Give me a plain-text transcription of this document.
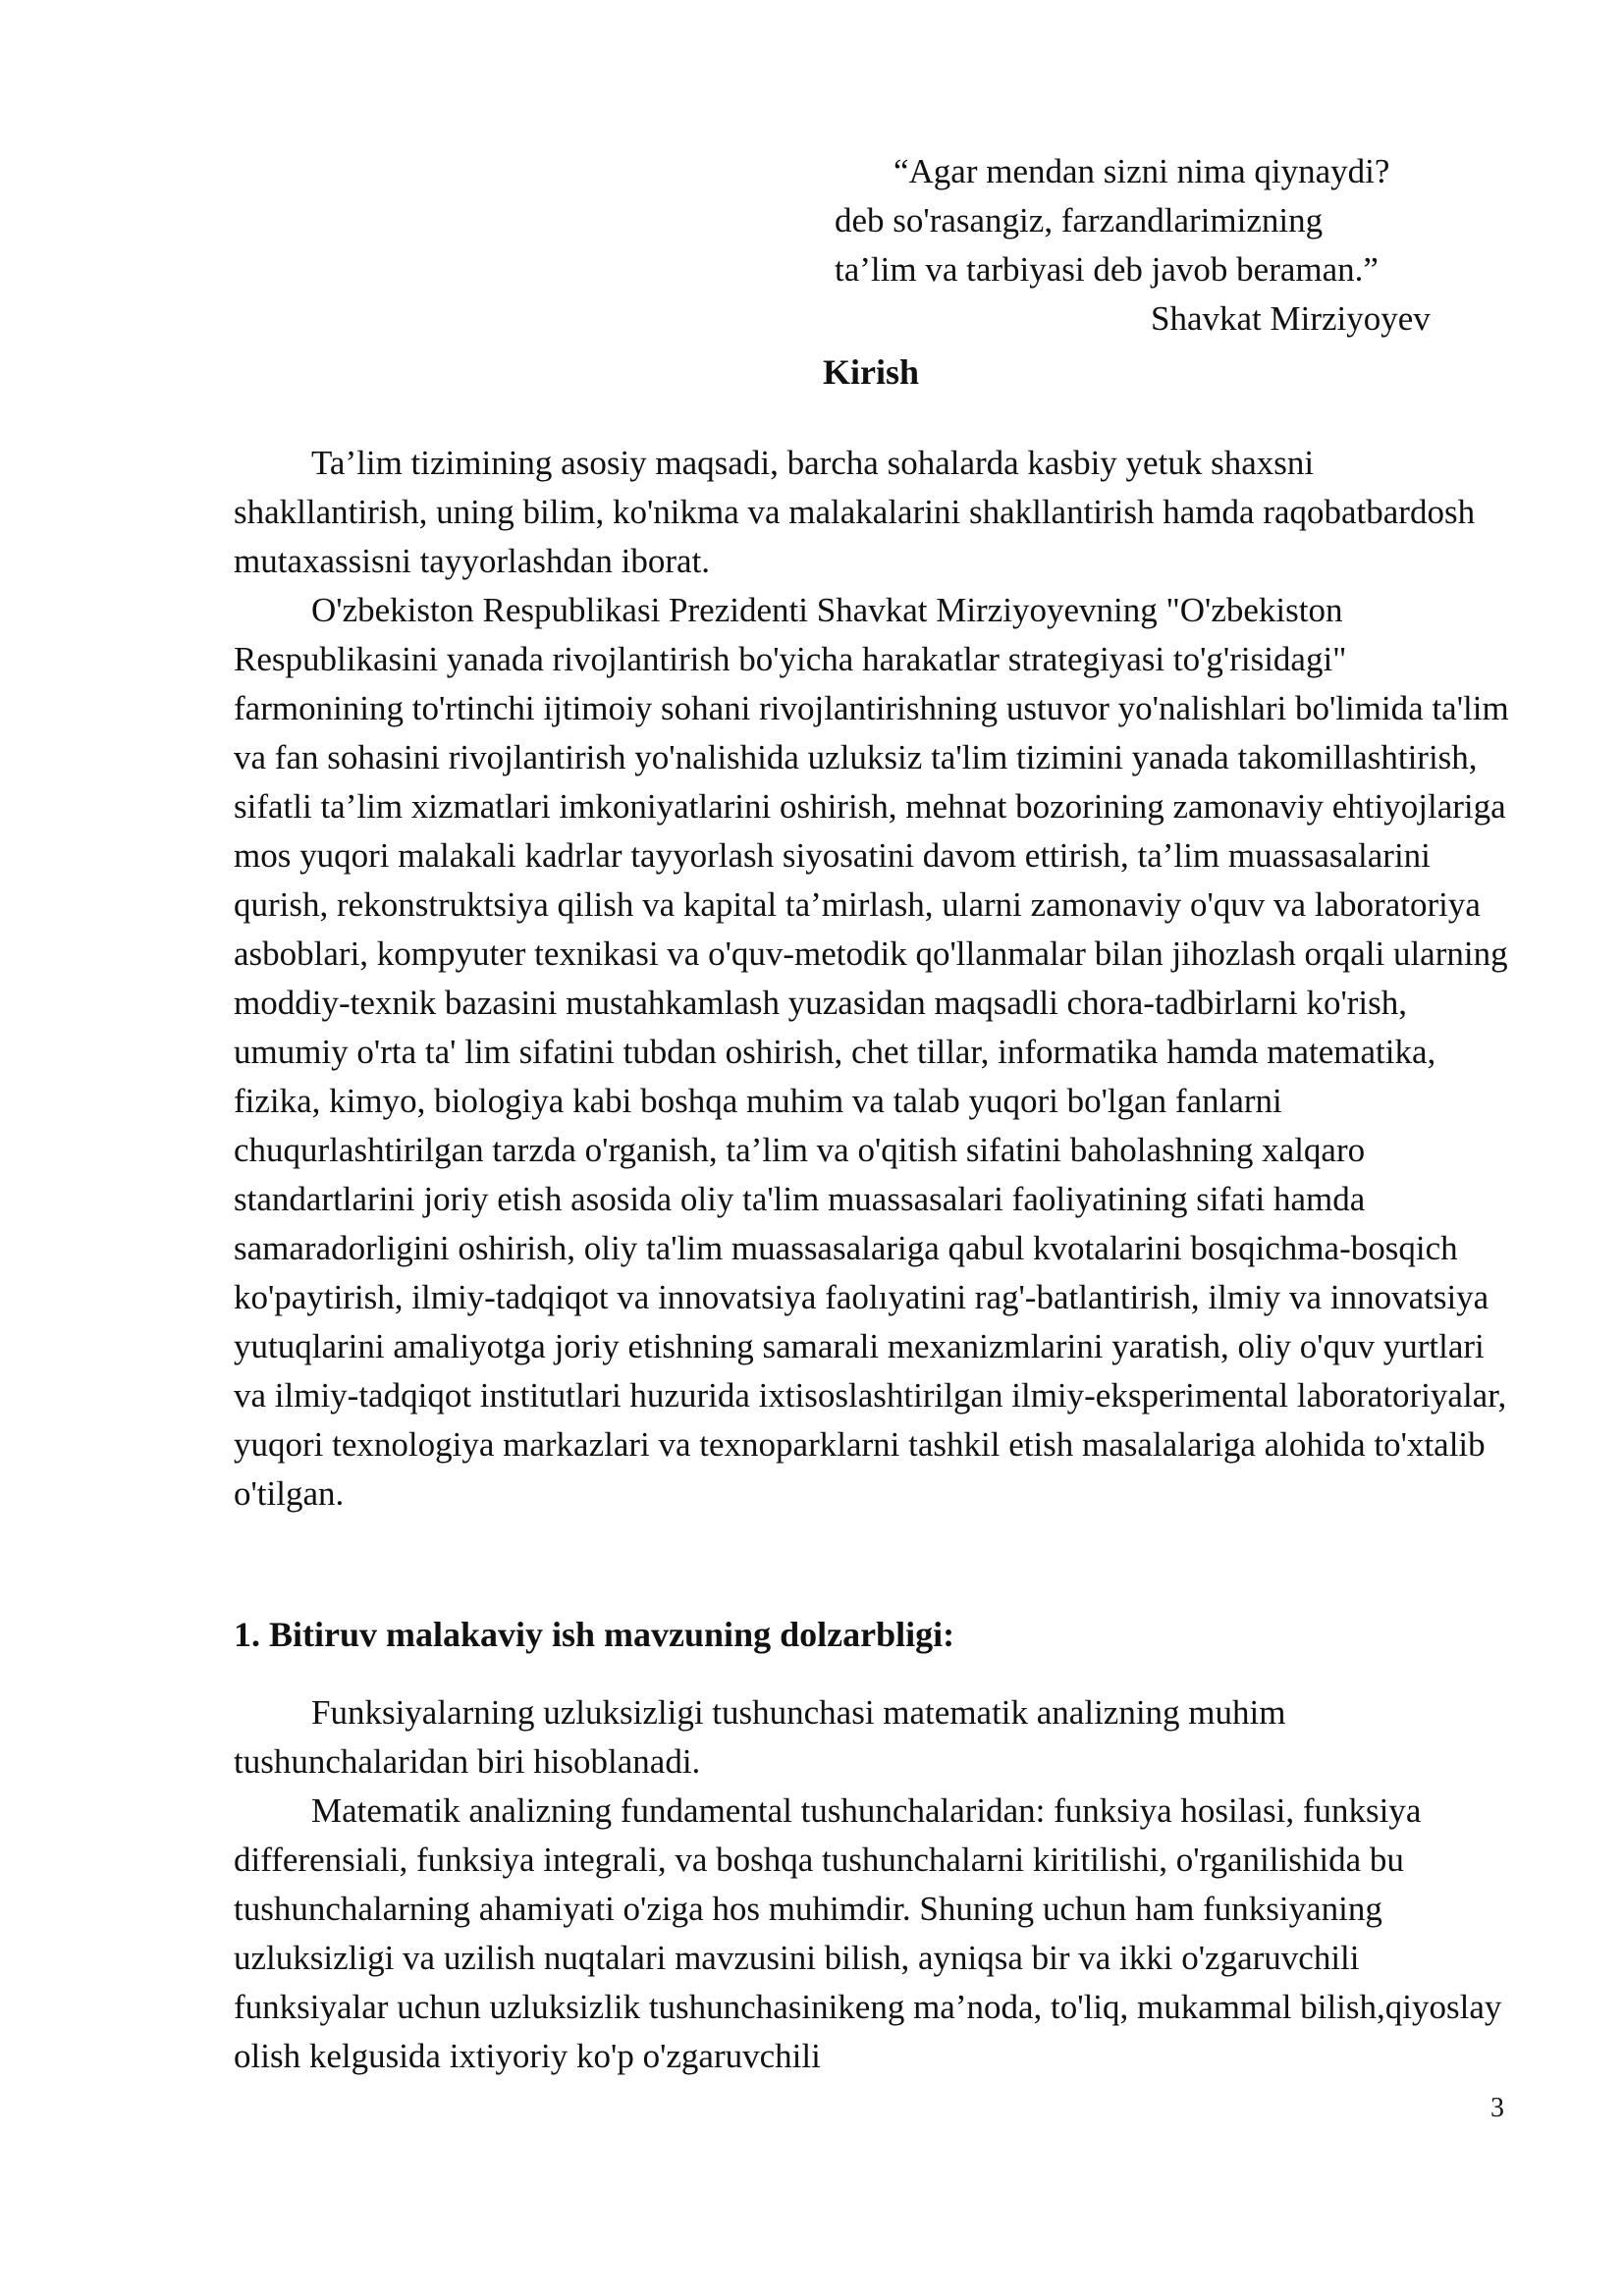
“Agar mendan sizni nima qiynaydi?
deb so'rasangiz, farzandlarimizning
ta’lim va tarbiyasi deb javob beraman.”
Shavkat Mirziyoyev
Kirish

Ta’lim tizimining asosiy maqsadi, barcha sohalarda kasbiy yetuk shaxsni shakllantirish, uning bilim, ko'nikma va malakalarini shakllantirish hamda raqobatbardosh mutaxassisni tayyorlashdan iborat.

O'zbekiston Respublikasi Prezidenti Shavkat Mirziyoyevning "O'zbekiston Respublikasini yanada rivojlantirish bo'yicha harakatlar strategiyasi to'g'risidagi" farmonining to'rtinchi ijtimoiy sohani rivojlantirishning ustuvor yo'nalishlari bo'limida ta'lim va fan sohasini rivojlantirish yo'nalishida uzluksiz ta'lim tizimini yanada takomillashtirish, sifatli ta’lim xizmatlari imkoniyatlarini oshirish, mehnat bozorining zamonaviy ehtiyojlariga mos yuqori malakali kadrlar tayyorlash siyosatini davom ettirish, ta’lim muassasalarini qurish, rekonstruktsiya qilish va kapital ta’mirlash, ularni zamonaviy o'quv va laboratoriya asboblari, kompyuter texnikasi va o'quv-metodik qo'llanmalar bilan jihozlash orqali ularning moddiy-texnik bazasini mustahkamlash yuzasidan maqsadli chora-tadbirlarni ko'rish, umumiy o'rta ta' lim sifatini tubdan oshirish, chet tillar, informatika hamda matematika, fizika, kimyo, biologiya kabi boshqa muhim va talab yuqori bo'lgan fanlarni chuqurlashtirilgan tarzda o'rganish, ta’lim va o'qitish sifatini baholashning xalqaro standartlarini joriy etish asosida oliy ta'lim muassasalari faoliyatining sifati hamda samaradorligini oshirish, oliy ta'lim muassasalariga qabul kvotalarini bosqichma-bosqich ko'paytirish, ilmiy-tadqiqot va innovatsiya faolıyatini rag'-batlantirish, ilmiy va innovatsiya yutuqlarini amaliyotga joriy etishning samarali mexanizmlarini yaratish, oliy o'quv yurtlari va ilmiy-tadqiqot institutlari huzurida ixtisoslashtirilgan ilmiy-eksperimental laboratoriyalar, yuqori texnologiya markazlari va texnoparklarni tashkil etish masalalariga alohida to'xtalib o'tilgan.

1. Bitiruv malakaviy ish mavzuning dolzarbligi:

Funksiyalarning uzluksizligi tushunchasi matematik analizning muhim tushunchalaridan biri hisoblanadi.

Matematik analizning fundamental tushunchalaridan: funksiya hosilasi, funksiya differensiali, funksiya integrali, va boshqa tushunchalarni kiritilishi, o'rganilishida bu tushunchalarning ahamiyati o'ziga hos muhimdir. Shuning uchun ham funksiyaning uzluksizligi va uzilish nuqtalari mavzusini bilish, ayniqsa bir va ikki o'zgaruvchili funksiyalar uchun uzluksizlik tushunchasinikeng ma’noda, to'liq, mukammal bilish,qiyoslay olish kelgusida ixtiyoriy ko'p o'zgaruvchili

3
